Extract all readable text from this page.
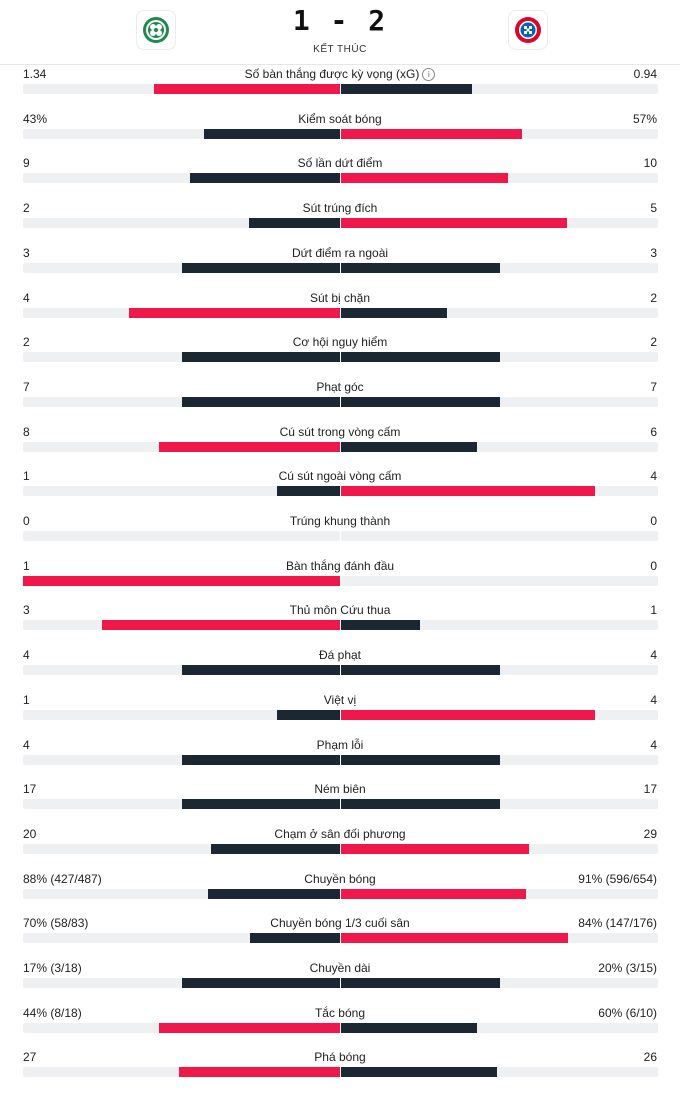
1 - 2
KẾT THÚC
1.34	Số bàn thắng được kỳ vọng (xG) i	0.94
43%	Kiểm soát bóng	57%
9	Số lần dứt điểm	10
2	Sút trúng đích	5
3	Dứt điểm ra ngoài	3
4	Sút bị chặn	2
2	Cơ hội nguy hiểm	2
7	Phạt góc	7
8	Cú sút trong vòng cấm	6
1	Cú sút ngoài vòng cấm	4
0	Trúng khung thành	0
1	Bàn thắng đánh đầu	0
3	Thủ môn Cứu thua	1
4	Đá phạt	4
1	Việt vị	4
4	Phạm lỗi	4
17	Ném biên	17
20	Chạm ở sân đối phương	29
88% (427/487)	Chuyền bóng	91% (596/654)
70% (58/83)	Chuyền bóng 1/3 cuối sân	84% (147/176)
17% (3/18)	Chuyền dài	20% (3/15)
44% (8/18)	Tắc bóng	60% (6/10)
27	Phá bóng	26
